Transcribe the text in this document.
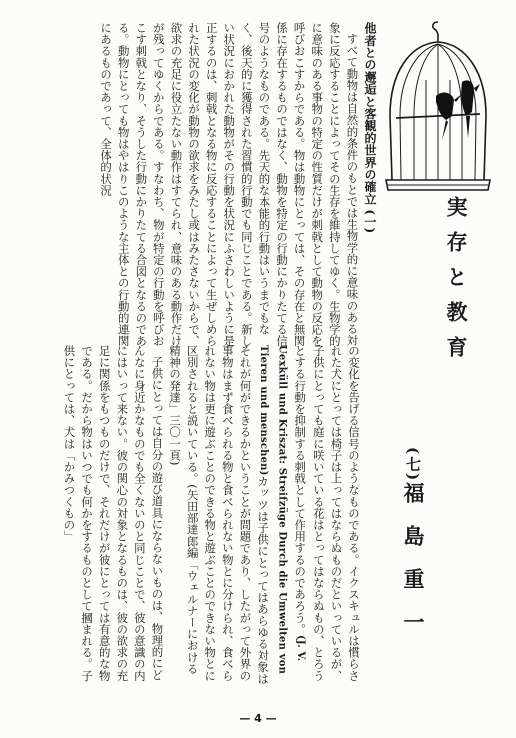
他者との邂逅と客観的世界の確立 (一)

すべて動物は自然的条件のもとでは生物学的に意味のある対象に反応することによってその生存を維持してゆく。生物学的に意味のある事物の特定の性質だけが刺戟として動物の反応を呼びおこすからである。物は動物にとっては、その存在と無関係に存在するものではなく、動物を特定の行動にかりたてる信号のようなものである。先天的な本能的行動はいうまでもなく、後天的に獲得された習慣的行動でも同じことである。新しい状況におかれた動物がその行動を状況にふさわしいように是正するのは、刺戟となる物に反応することによって生ぜしめられた状況の変化が動物の欲求をみたし或はみたさないからで、欲求の充足に役立たない動作はすてられ、意味のある動作だけが残ってゆくからである。すなわち、物が特定の行動を呼びおこす刺戟となり、そうした行動にかりたてる合図となるのである。動物にとっても物はやはりこのような主体との行動的連関にあるものであって、全体的状況

実存と教育

の変化を告げる信号のようなものである。イクスキュルは慣らされた犬にとっては椅子は上ってはならぬものだといっているが、子供にとっても庭に咲いている花はとってはならぬもの、とろうとする行動を抑制する刺戟として作用するのであろう。(J. V. Uexküll und Kriszat: Streifzüge Durch die Umwelten von Tieren und menschen)カッツは子供にとってはあらゆる対象はそれが何ができるかということが問題であり、したがって外界の事物はまず食べられる物と食べられない物とに分けられ、食べられない物は更に遊ぶことのできる物と遊ぶことのできない物とに区別されると説いている。(矢田部達郎編「ウェルナーにおける精神の発達」三〇一頁)

子供にとっては自分の遊び道具にならないものは、物理的にどんなに身近かなものでも全くないのと同じことで、彼の意識の内にはいって来ない。彼の関心の対象となるものは、彼の欲求の充足に関係をもつものだけで、それだけが彼にとっては有意的な物である。だから物はいつでも何かをするものとして摑まれる。子供にとっては、犬は「かみつくもの」	(七)福島重一
— 4 —
